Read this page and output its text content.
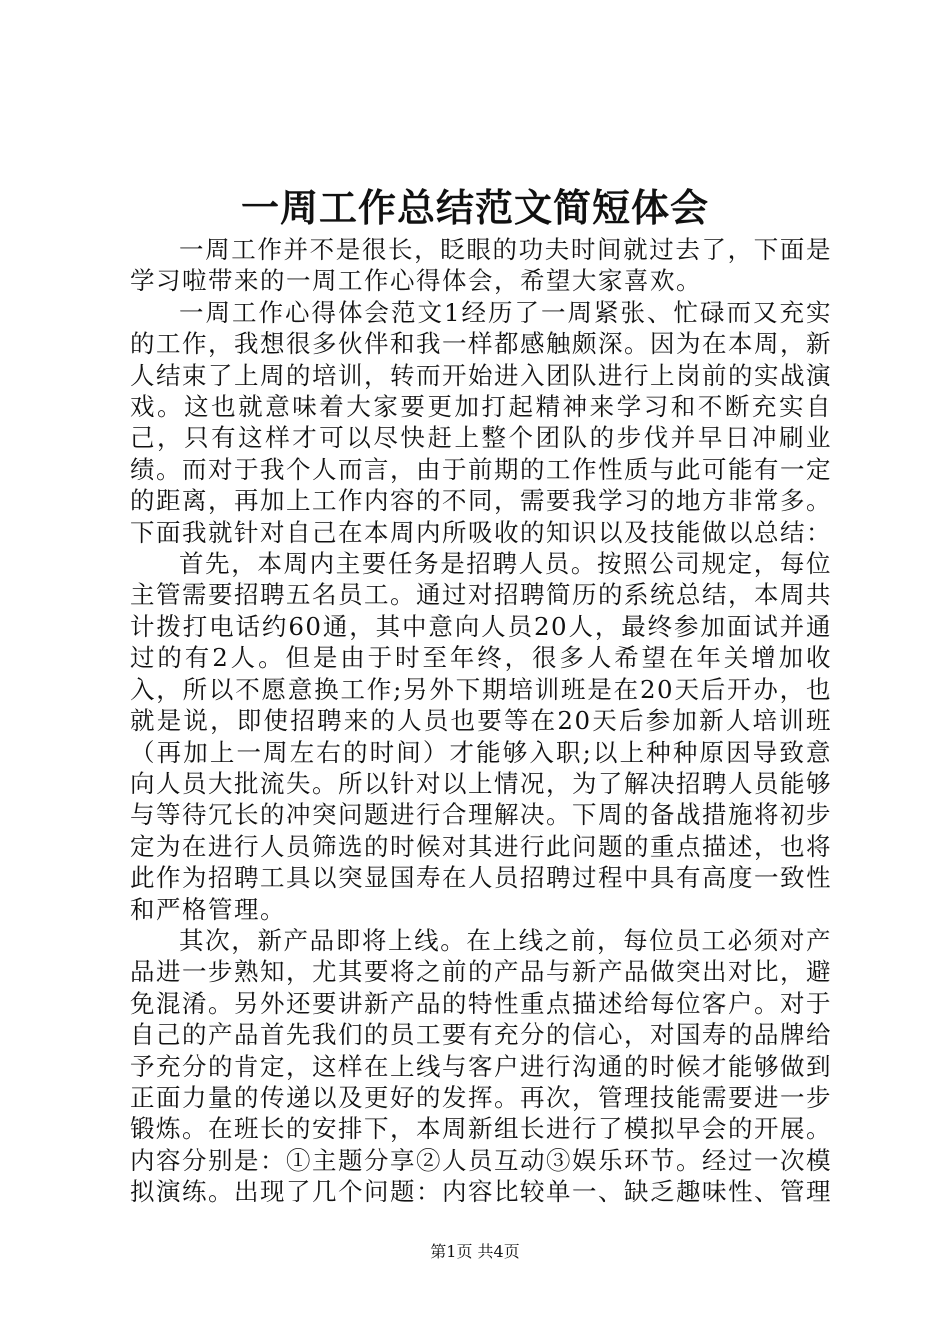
一周工作总结范文简短体会

一周工作并不是很长，眨眼的功夫时间就过去了，下面是学习啦带来的一周工作心得体会，希望大家喜欢。

一周工作心得体会范文1经历了一周紧张、忙碌而又充实的工作，我想很多伙伴和我一样都感触颇深。因为在本周，新人结束了上周的培训，转而开始进入团队进行上岗前的实战演戏。这也就意味着大家要更加打起精神来学习和不断充实自己，只有这样才可以尽快赶上整个团队的步伐并早日冲刷业绩。而对于我个人而言，由于前期的工作性质与此可能有一定的距离，再加上工作内容的不同，需要我学习的地方非常多。下面我就针对自己在本周内所吸收的知识以及技能做以总结：

首先，本周内主要任务是招聘人员。按照公司规定，每位主管需要招聘五名员工。通过对招聘简历的系统总结，本周共计拨打电话约60通，其中意向人员20人，最终参加面试并通过的有2人。但是由于时至年终，很多人希望在年关增加收入，所以不愿意换工作;另外下期培训班是在20天后开办，也就是说，即使招聘来的人员也要等在20天后参加新人培训班（再加上一周左右的时间）才能够入职;以上种种原因导致意向人员大批流失。所以针对以上情况，为了解决招聘人员能够与等待冗长的冲突问题进行合理解决。下周的备战措施将初步定为在进行人员筛选的时候对其进行此问题的重点描述，也将此作为招聘工具以突显国寿在人员招聘过程中具有高度一致性和严格管理。

其次，新产品即将上线。在上线之前，每位员工必须对产品进一步熟知，尤其要将之前的产品与新产品做突出对比，避免混淆。另外还要讲新产品的特性重点描述给每位客户。对于自己的产品首先我们的员工要有充分的信心，对国寿的品牌给予充分的肯定，这样在上线与客户进行沟通的时候才能够做到正面力量的传递以及更好的发挥。再次，管理技能需要进一步锻炼。在班长的安排下，本周新组长进行了模拟早会的开展。内容分别是：①主题分享②人员互动③娱乐环节。经过一次模拟演练。出现了几个问题：内容比较单一、缺乏趣味性、管理

第1页 共4页
